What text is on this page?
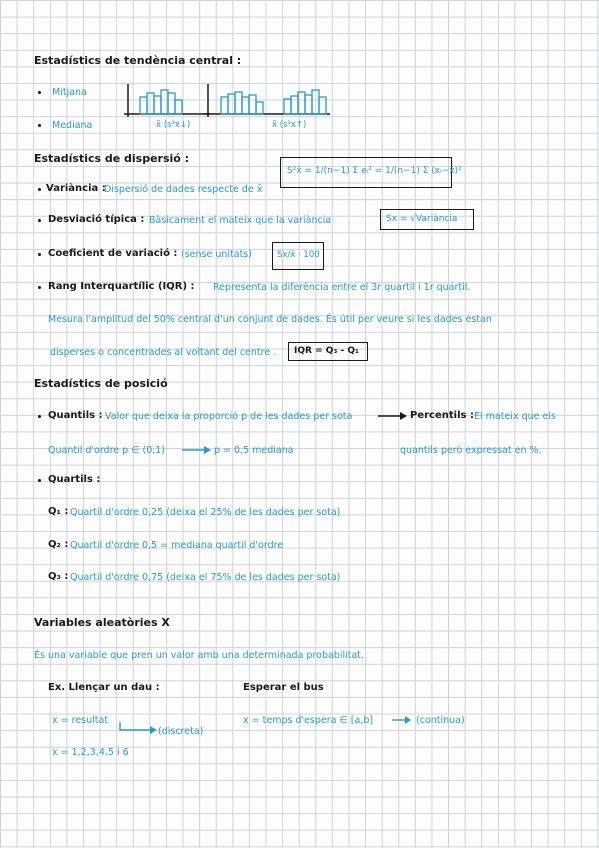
Estadístics de tendència central :
Mitjana
Mediana	x̃ (s³x↓)	x̃ (s³x↑)
Estadístics de dispersió :
S²x̄ = 1/(n−1) Σ eᵢ² = 1/(n−1) Σ (xᵢ−x̄)²
Variància :
Dispersió de dades respecte de x̄
Desviació típica : Bàsicament el mateix que la variància	Sx = √Variància
Coeficient de variació : (sense unitats)	Sx/x̄ · 100
Rang Interquartílic (IQR) : Representa la diferència entre el 3r quartil i 1r quartil.
Mesura l'amplitud del 50% central d'un conjunt de dades. És útil per veure si les dades estan
disperses o concentrades al voltant del centre . IQR = Q₃ - Q₁
Estadístics de posició
Quantils : Valor que deixa la proporció p de les dades per sota	Percentils : El mateix que els
Quantil d'ordre p ∈ (0,1)	p = 0,5 mediana	quantils però expressat en %.
Quartils :
Q₁ : Quartil d'ordre 0,25 (deixa el 25% de les dades per sota)
Q₂ : Quartil d'ordre 0,5 = mediana quartil d'ordre
Q₃ : Quartil d'ordre 0,75 (deixa el 75% de les dades per sota)
Variables aleatòries X
És una variable que pren un valor amb una determinada probabilitat.
Ex. Llençar un dau :	Esperar el bus
x = resultat
(discreta)
x = 1,2,3,4,5 i 6
x = temps d'espera ∈ [a,b]	(contínua)
